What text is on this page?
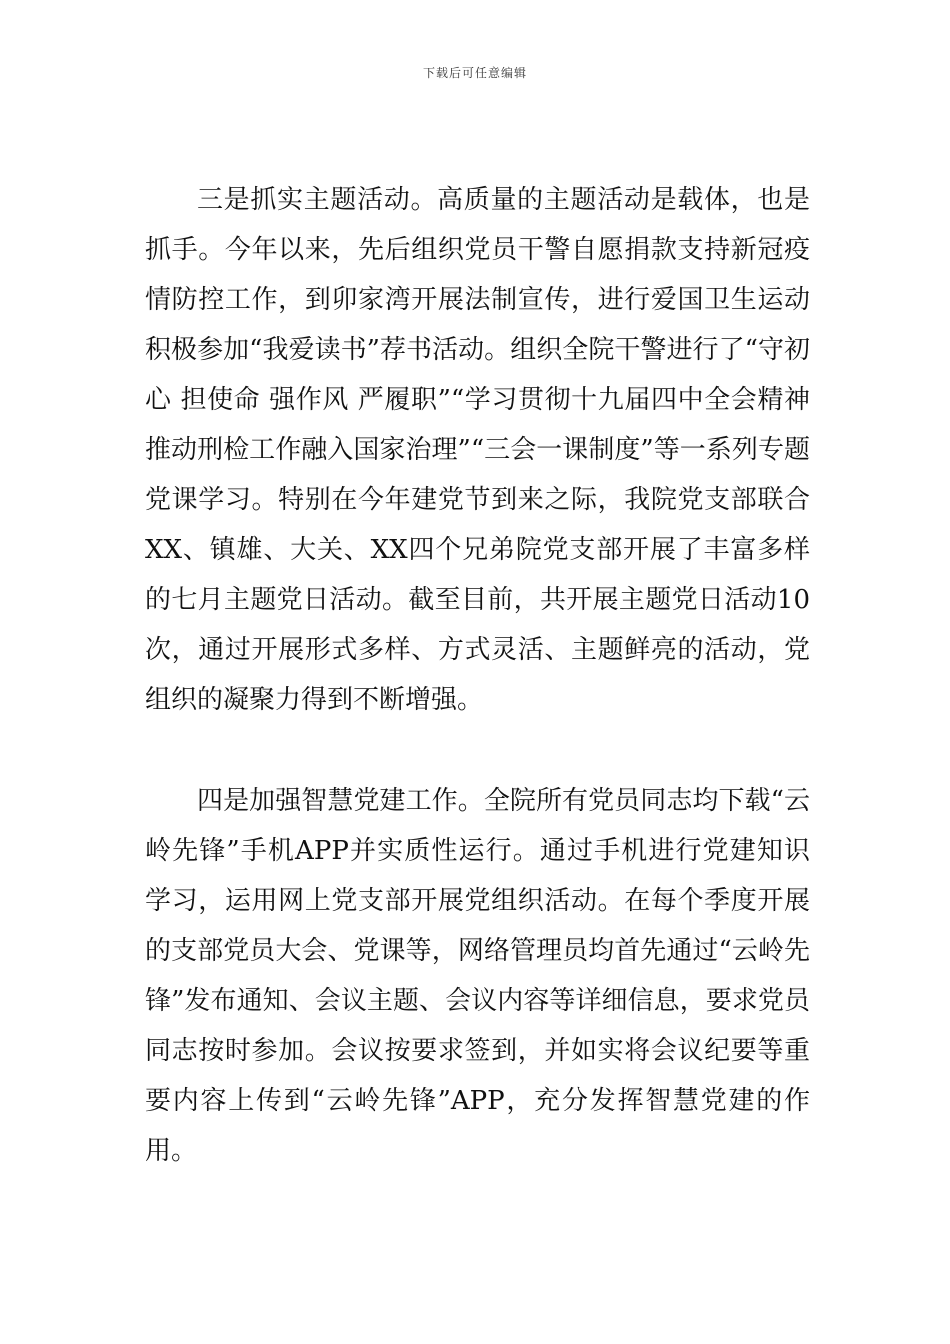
下载后可任意编辑

三是抓实主题活动。高质量的主题活动是载体，也是抓手。今年以来，先后组织党员干警自愿捐款支持新冠疫情防控工作，到卯家湾开展法制宣传，进行爱国卫生运动积极参加“我爱读书”荐书活动。组织全院干警进行了“守初心 担使命 强作风 严履职”“学习贯彻十九届四中全会精神推动刑检工作融入国家治理”“三会一课制度”等一系列专题党课学习。特别在今年建党节到来之际，我院党支部联合XX、镇雄、大关、XX四个兄弟院党支部开展了丰富多样的七月主题党日活动。截至目前，共开展主题党日活动10次，通过开展形式多样、方式灵活、主题鲜亮的活动，党组织的凝聚力得到不断增强。

四是加强智慧党建工作。全院所有党员同志均下载“云岭先锋”手机APP并实质性运行。通过手机进行党建知识学习，运用网上党支部开展党组织活动。在每个季度开展的支部党员大会、党课等，网络管理员均首先通过“云岭先锋”发布通知、会议主题、会议内容等详细信息，要求党员同志按时参加。会议按要求签到，并如实将会议纪要等重要内容上传到“云岭先锋”APP，充分发挥智慧党建的作用。
